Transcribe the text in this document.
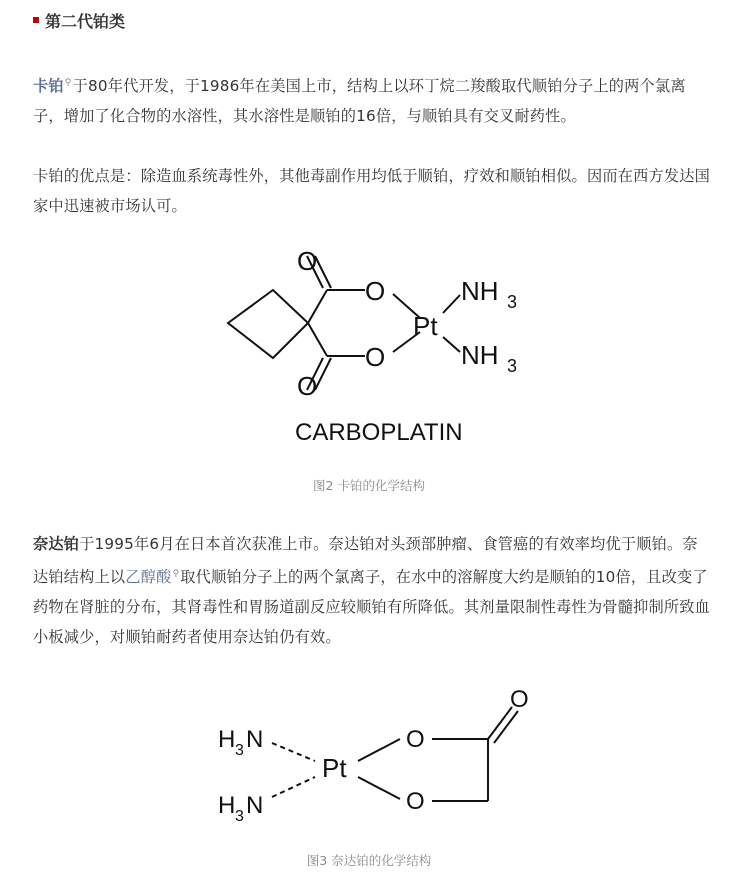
第二代铂类
卡铂⚲于80年代开发，于1986年在美国上市，结构上以环丁烷二羧酸取代顺铂分子上的两个氯离子，增加了化合物的水溶性，其水溶性是顺铂的16倍，与顺铂具有交叉耐药性。
卡铂的优点是：除造血系统毒性外，其他毒副作用均低于顺铂，疗效和顺铂相似。因而在西方发达国家中迅速被市场认可。
O
O
O
O
Pt
NH 3
NH 3
CARBOPLATIN
图2 卡铂的化学结构
奈达铂于1995年6月在日本首次获准上市。奈达铂对头颈部肿瘤、食管癌的有效率均优于顺铂。奈达铂结构上以乙醇酸⚲取代顺铂分子上的两个氯离子，在水中的溶解度大约是顺铂的10倍，且改变了药物在肾脏的分布，其肾毒性和胃肠道副反应较顺铂有所降低。其剂量限制性毒性为骨髓抑制所致血小板减少，对顺铂耐药者使用奈达铂仍有效。
H 3 N
H 3 N
Pt
O
O
O
图3 奈达铂的化学结构
